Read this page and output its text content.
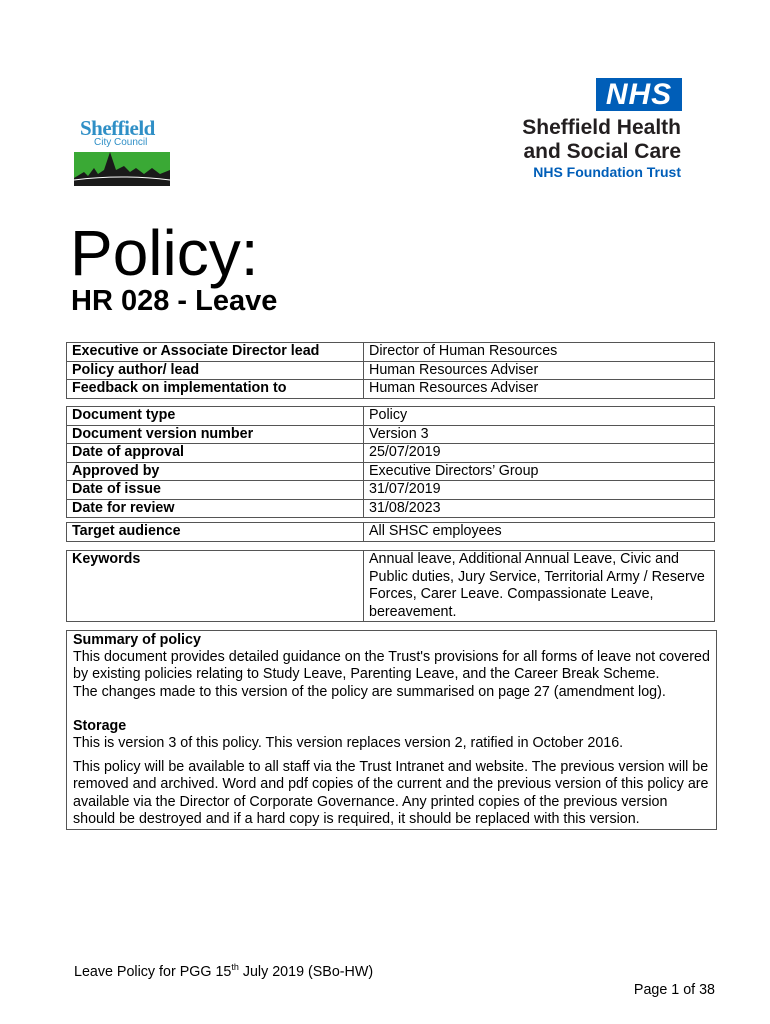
Sheffield
City Council
NHS
Sheffield Health
and Social Care
NHS Foundation Trust
Policy:
HR 028 - Leave
Executive or Associate Director lead	Director of Human Resources
Policy author/ lead	Human Resources Adviser
Feedback on implementation to	Human Resources Adviser
Document type	Policy
Document version number	Version 3
Date of approval	25/07/2019
Approved by	Executive Directors’ Group
Date of issue	31/07/2019
Date for review	31/08/2023
Target audience	All SHSC employees
Keywords	Annual leave, Additional Annual Leave, Civic and Public duties, Jury Service, Territorial Army / Reserve Forces, Carer Leave. Compassionate Leave, bereavement.

Summary of policy

This document provides detailed guidance on the Trust's provisions for all forms of leave not covered by existing policies relating to Study Leave, Parenting Leave, and the Career Break Scheme.

The changes made to this version of the policy are summarised on page 27 (amendment log).

Storage

This is version 3 of this policy. This version replaces version 2, ratified in October 2016.

This policy will be available to all staff via the Trust Intranet and website. The previous version will be removed and archived. Word and pdf copies of the current and the previous version of this policy are available via the Director of Corporate Governance. Any printed copies of the previous version should be destroyed and if a hard copy is required, it should be replaced with this version.

Leave Policy for PGG 15th July 2019 (SBo-HW)
Page 1 of 38
